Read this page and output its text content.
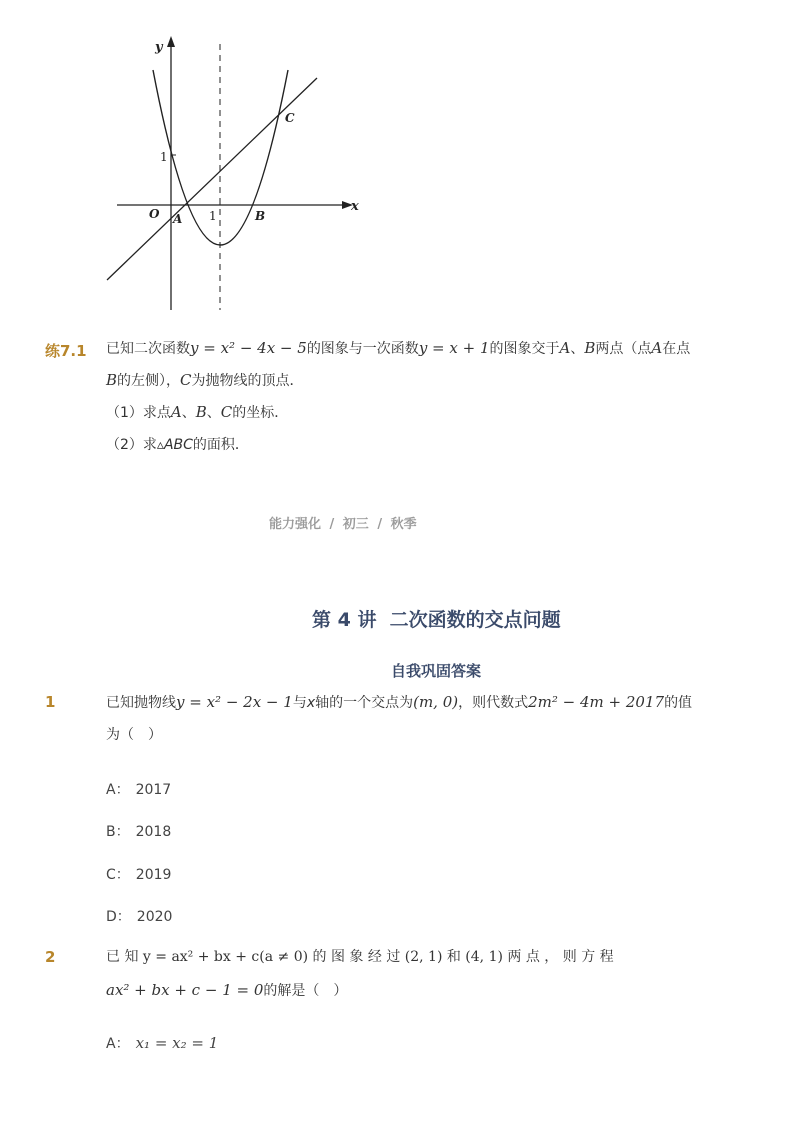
y
x
O
1
1
A	B
C
练7.1 已知二次函数y = x² − 4x − 5的图象与一次函数y = x + 1的图象交于A、B两点（点A在点
B的左侧），C为抛物线的顶点．
（1）求点A、B、C的坐标．
（2）求▵ABC的面积．
能力强化 / 初三 / 秋季
第 4 讲  二次函数的交点问题
自我巩固答案
1	已知抛物线y = x² − 2x − 1与x轴的一个交点为(m, 0)，则代数式2m² − 4m + 2017的值
为（　）
A： 2017
B： 2018
C： 2019
D： 2020
2	已 知 y = ax² + bx + c(a ≠ 0) 的 图 象 经 过 (2, 1) 和 (4, 1) 两 点 ， 则 方 程
ax² + bx + c − 1 = 0的解是（　）
A： x₁ = x₂ = 1
